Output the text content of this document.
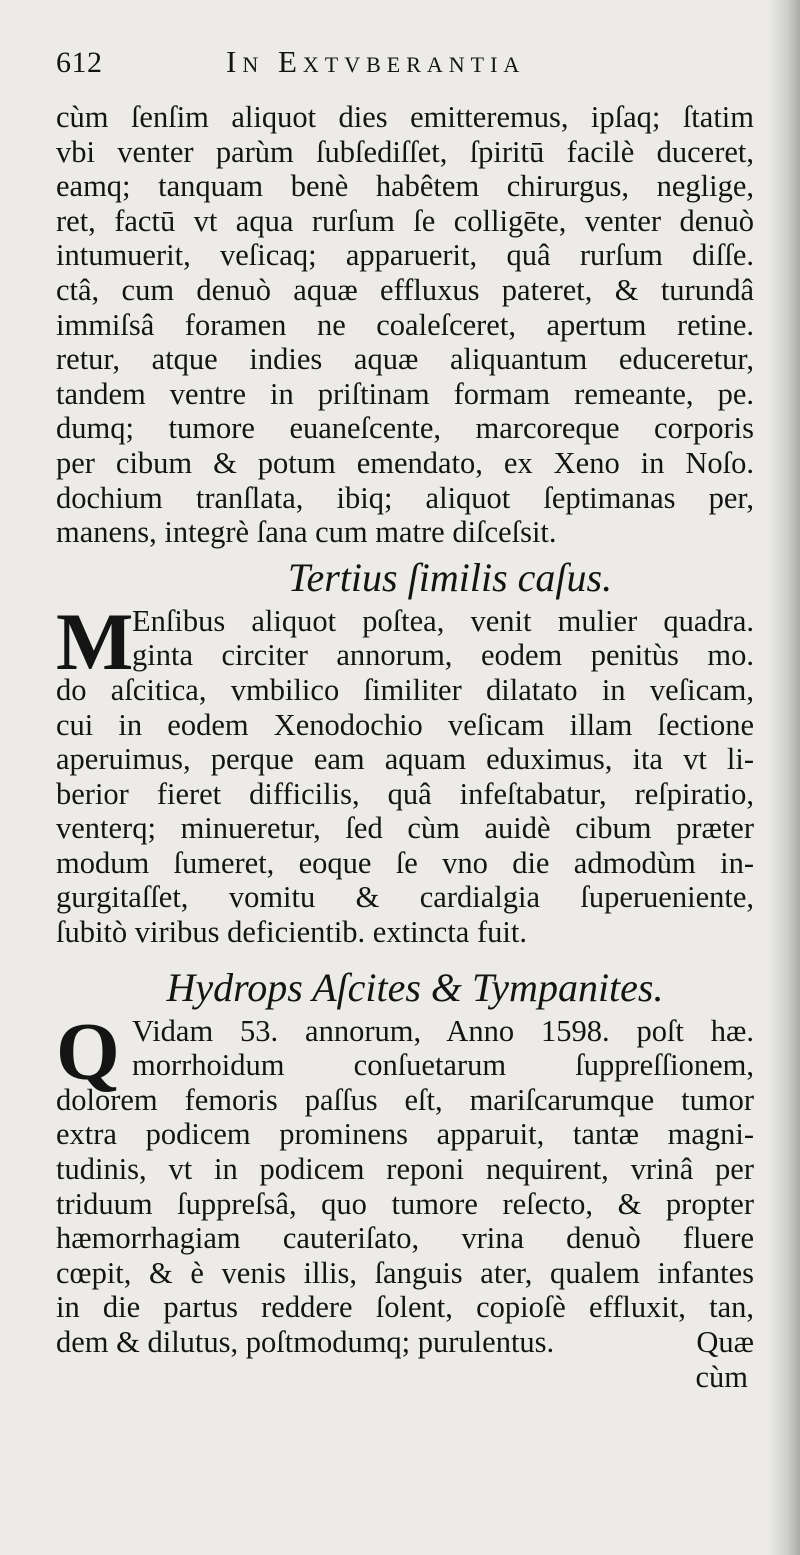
612	In Extvberantia
cùm ſenſim aliquot dies emitteremus, ipſaq; ſtatim
vbi venter parùm ſubſediſſet, ſpiritū facilè duceret,
eamq; tanquam benè habêtem chirurgus, neglige,
ret, factū vt aqua rurſum ſe colligēte, venter denuò
intumuerit, veſicaq; apparuerit, quâ rurſum diſſe.
ctâ, cum denuò aquæ effluxus pateret, & turundâ
immiſsâ foramen ne coaleſceret, apertum retine.
retur, atque indies aquæ aliquantum educeretur,
tandem ventre in priſtinam formam remeante, pe.
dumq; tumore euaneſcente, marcoreque corporis
per cibum & potum emendato, ex Xeno in Noſo.
dochium tranſlata, ibiq; aliquot ſeptimanas per,
manens, integrè ſana cum matre diſceſsit.
Tertius ſimilis caſus.
M
Enſibus aliquot poſtea, venit mulier quadra.
ginta circiter annorum, eodem penitùs mo.
do aſcitica, vmbilico ſimiliter dilatato in veſicam,
cui in eodem Xenodochio veſicam illam ſectione
aperuimus, perque eam aquam eduximus, ita vt li-
berior fieret difficilis, quâ infeſtabatur, reſpiratio,
venterq; minueretur, ſed cùm auidè cibum præter
modum ſumeret, eoque ſe vno die admodùm in-
gurgitaſſet, vomitu & cardialgia ſuperueniente,
ſubitò viribus deficientib. extincta fuit.
Hydrops Aſcites & Tympanites.
Q Vidam 53. annorum, Anno 1598. poſt hæ.
morrhoidum conſuetarum ſuppreſſionem,
dolorem femoris paſſus eſt, mariſcarumque tumor
extra podicem prominens apparuit, tantæ magni-
tudinis, vt in podicem reponi nequirent, vrinâ per
triduum ſuppreſsâ, quo tumore reſecto, & propter
hæmorrhagiam cauteriſato, vrina denuò fluere
cœpit, & è venis illis, ſanguis ater, qualem infantes
in die partus reddere ſolent, copioſè effluxit, tan,
dem & dilutus, poſtmodumq; purulentus.	Quæ
cùm
